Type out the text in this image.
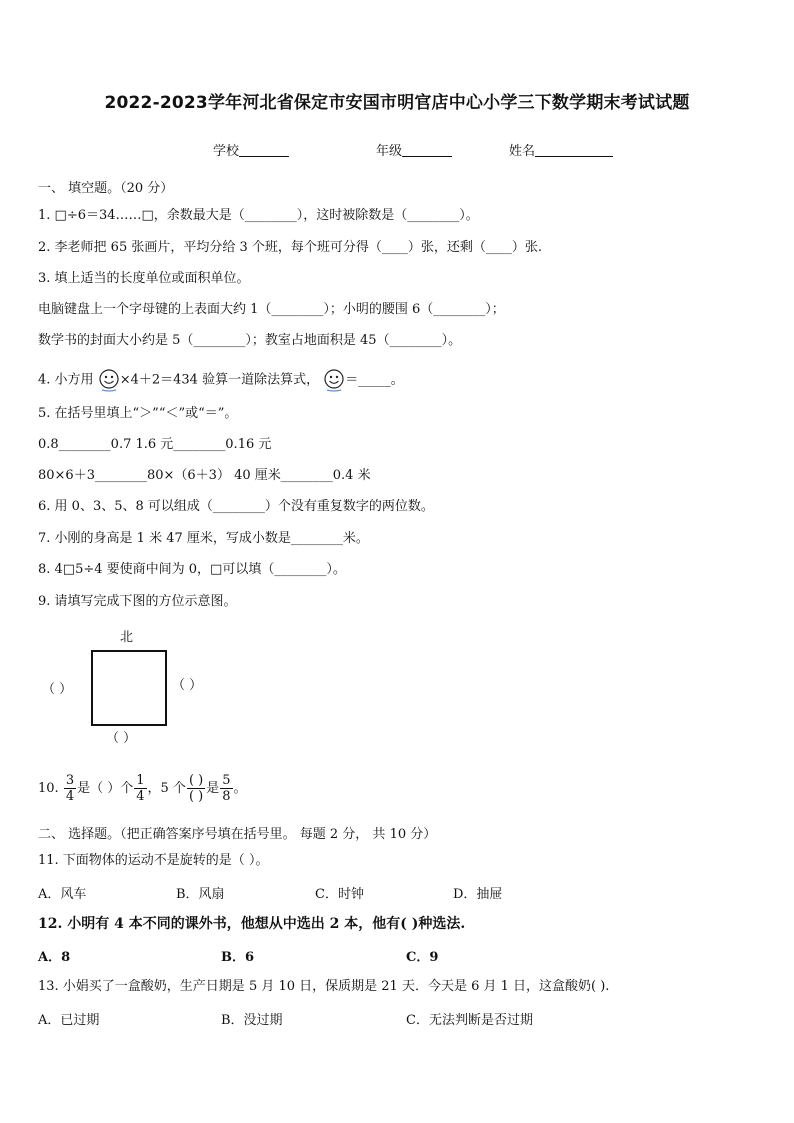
2022-2023学年河北省保定市安国市明官店中心小学三下数学期末考试试题
学校	年级	姓名
一、 填空题。（20 分）
1. □÷6＝34……□，余数最大是（________），这时被除数是（________）。
2. 李老师把 65 张画片，平均分给 3 个班，每个班可分得（____）张，还剩（____）张.
3. 填上适当的长度单位或面积单位。
电脑键盘上一个字母键的上表面大约 1（________）；小明的腰围 6（________）；
数学书的封面大小约是 5（________）；教室占地面积是 45（________）。
4. 小方用 ×4＋2＝434 验算一道除法算式， ＝_____。
5. 在括号里填上“＞”“＜”或“＝”。
0.8________0.7 1.6 元________0.16 元
80×6＋3________80×（6＋3） 40 厘米________0.4 米
6. 用 0、3、5、8 可以组成（________）个没有重复数字的两位数。
7. 小刚的身高是 1 米 47 厘米，写成小数是________米。
8. 4□5÷4 要使商中间为 0，□可以填（________）。
9. 请填写完成下图的方位示意图。
北
（ ）	（ ）
（ ）
10. $\frac{3}{4}$ 是（ ）个 $\frac{1}{4}$ ，5 个 $\frac{( )}{( )}$ 是 $\frac{5}{8}$ 。
二、 选择题。（把正确答案序号填在括号里。 每题 2 分， 共 10 分）
11. 下面物体的运动不是旋转的是（ ）。
A．风车	B．风扇	C．时钟	D．抽屉
12. 小明有 4 本不同的课外书，他想从中选出 2 本，他有( )种选法.
A．8	B．6	C．9
13. 小娟买了一盒酸奶，生产日期是 5 月 10 日，保质期是 21 天．今天是 6 月 1 日，这盒酸奶( ).
A．已过期	B．没过期	C．无法判断是否过期
